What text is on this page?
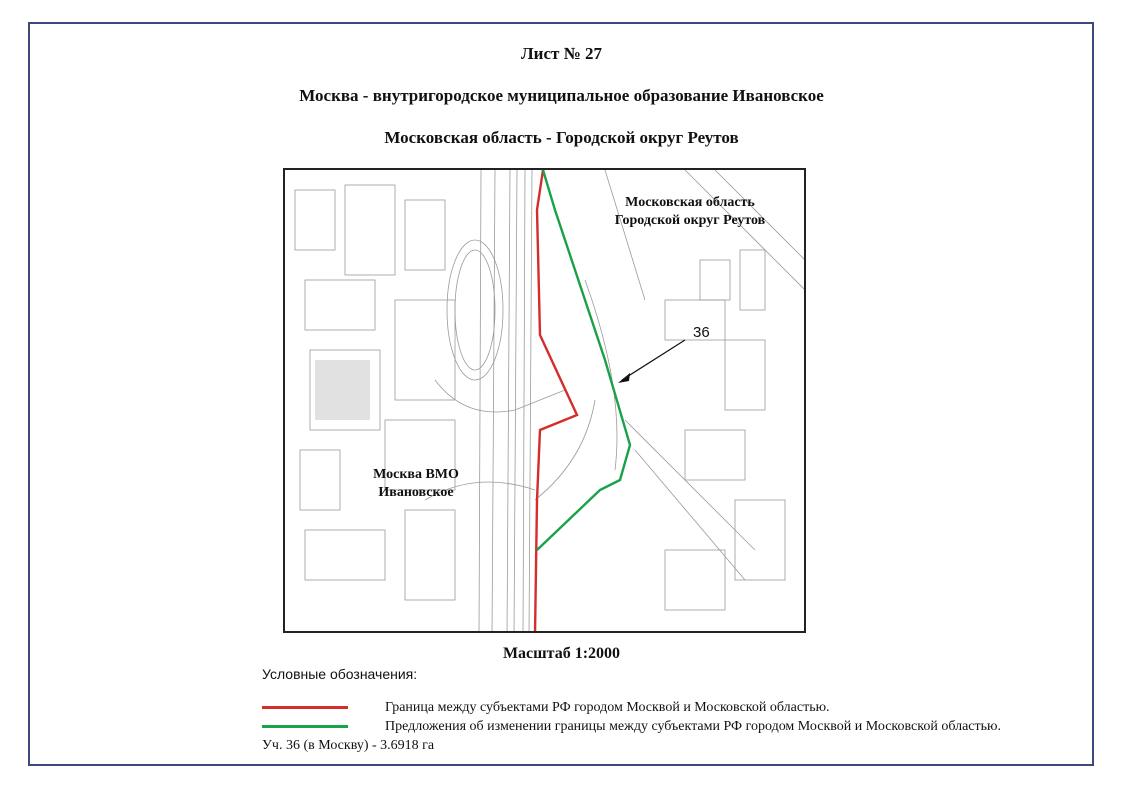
Лист № 27
Москва - внутригородское муниципальное образование Ивановское
Московская область - Городской округ Реутов
Московская область
Городской округ Реутов
Москва ВМО
Ивановское
36
Масштаб 1:2000
Условные обозначения:
Граница между субъектами РФ городом Москвой и Московской областью.
Предложения об изменении границы между субъектами РФ городом Москвой и Московской областью.
Уч. 36 (в Москву) - 3.6918 га
